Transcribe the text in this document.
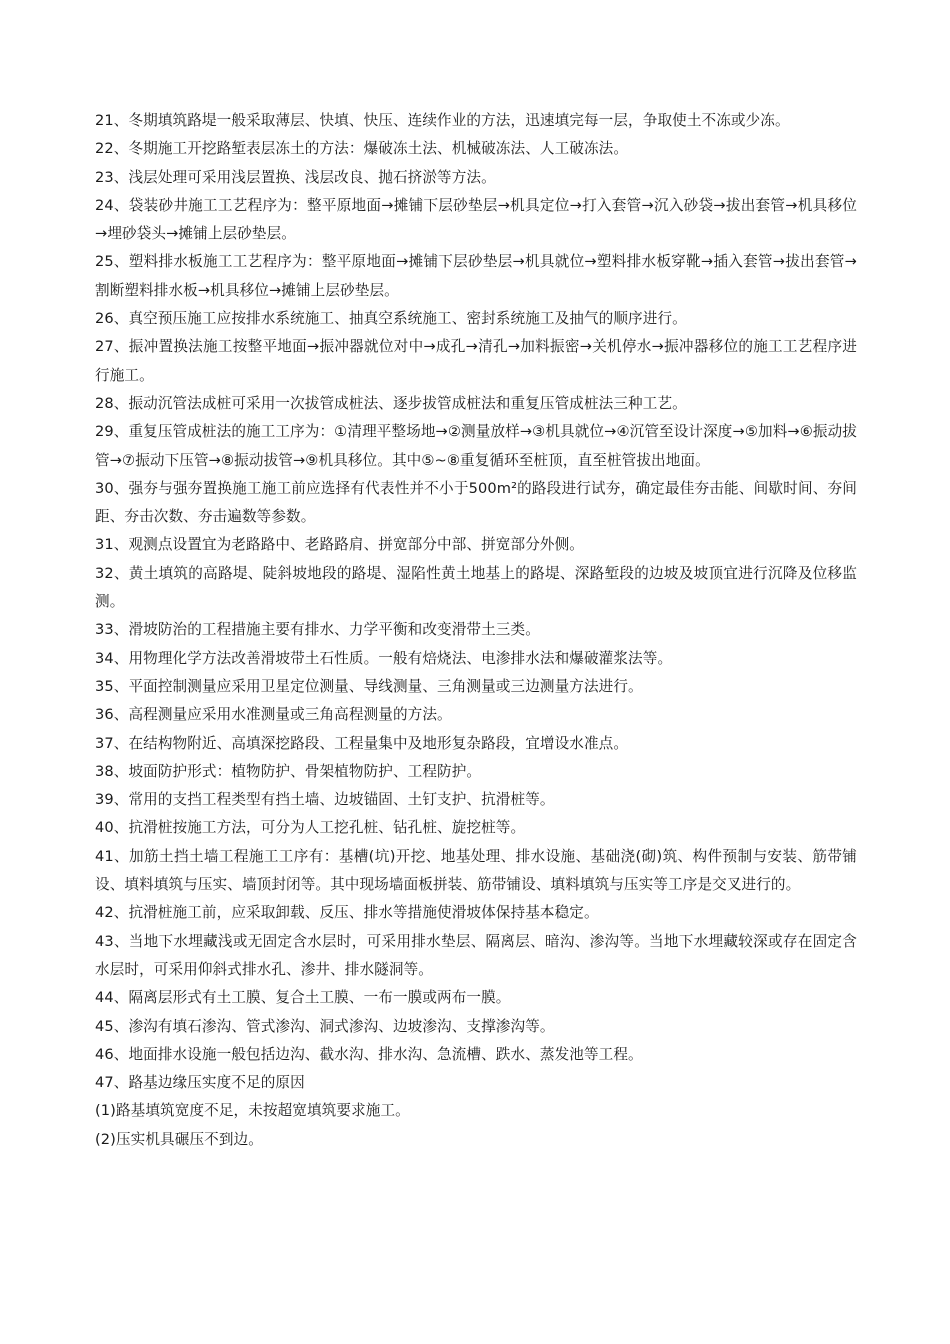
21、冬期填筑路堤一般采取薄层、快填、快压、连续作业的方法，迅速填完每一层，争取使土不冻或少冻。

22、冬期施工开挖路堑表层冻土的方法：爆破冻土法、机械破冻法、人工破冻法。

23、浅层处理可采用浅层置换、浅层改良、抛石挤淤等方法。

24、袋装砂井施工工艺程序为：整平原地面→摊铺下层砂垫层→机具定位→打入套管→沉入砂袋→拔出套管→机具移位→埋砂袋头→摊铺上层砂垫层。

25、塑料排水板施工工艺程序为：整平原地面→摊铺下层砂垫层→机具就位→塑料排水板穿靴→插入套管→拔出套管→割断塑料排水板→机具移位→摊铺上层砂垫层。

26、真空预压施工应按排水系统施工、抽真空系统施工、密封系统施工及抽气的顺序进行。

27、振冲置换法施工按整平地面→振冲器就位对中→成孔→清孔→加料振密→关机停水→振冲器移位的施工工艺程序进行施工。

28、振动沉管法成桩可采用一次拔管成桩法、逐步拔管成桩法和重复压管成桩法三种工艺。

29、重复压管成桩法的施工工序为：①清理平整场地→②测量放样→③机具就位→④沉管至设计深度→⑤加料→⑥振动拔管→⑦振动下压管→⑧振动拔管→⑨机具移位。其中⑤~⑧重复循环至桩顶，直至桩管拔出地面。

30、强夯与强夯置换施工施工前应选择有代表性并不小于500m²的路段进行试夯，确定最佳夯击能、间歇时间、夯间距、夯击次数、夯击遍数等参数。

31、观测点设置宜为老路路中、老路路肩、拼宽部分中部、拼宽部分外侧。

32、黄土填筑的高路堤、陡斜坡地段的路堤、湿陷性黄土地基上的路堤、深路堑段的边坡及坡顶宜进行沉降及位移监测。

33、滑坡防治的工程措施主要有排水、力学平衡和改变滑带土三类。

34、用物理化学方法改善滑坡带土石性质。一般有焙烧法、电渗排水法和爆破灌浆法等。

35、平面控制测量应采用卫星定位测量、导线测量、三角测量或三边测量方法进行。

36、高程测量应采用水准测量或三角高程测量的方法。

37、在结构物附近、高填深挖路段、工程量集中及地形复杂路段，宜增设水准点。

38、坡面防护形式：植物防护、骨架植物防护、工程防护。

39、常用的支挡工程类型有挡土墙、边坡锚固、土钉支护、抗滑桩等。

40、抗滑桩按施工方法，可分为人工挖孔桩、钻孔桩、旋挖桩等。

41、加筋土挡土墙工程施工工序有：基槽(坑)开挖、地基处理、排水设施、基础浇(砌)筑、构件预制与安装、筋带铺设、填料填筑与压实、墙顶封闭等。其中现场墙面板拼装、筋带铺设、填料填筑与压实等工序是交叉进行的。

42、抗滑桩施工前，应采取卸载、反压、排水等措施使滑坡体保持基本稳定。

43、当地下水埋藏浅或无固定含水层时，可采用排水垫层、隔离层、暗沟、渗沟等。当地下水埋藏较深或存在固定含水层时，可采用仰斜式排水孔、渗井、排水隧洞等。

44、隔离层形式有土工膜、复合土工膜、一布一膜或两布一膜。

45、渗沟有填石渗沟、管式渗沟、洞式渗沟、边坡渗沟、支撑渗沟等。

46、地面排水设施一般包括边沟、截水沟、排水沟、急流槽、跌水、蒸发池等工程。

47、路基边缘压实度不足的原因

(1)路基填筑宽度不足，未按超宽填筑要求施工。

(2)压实机具碾压不到边。
